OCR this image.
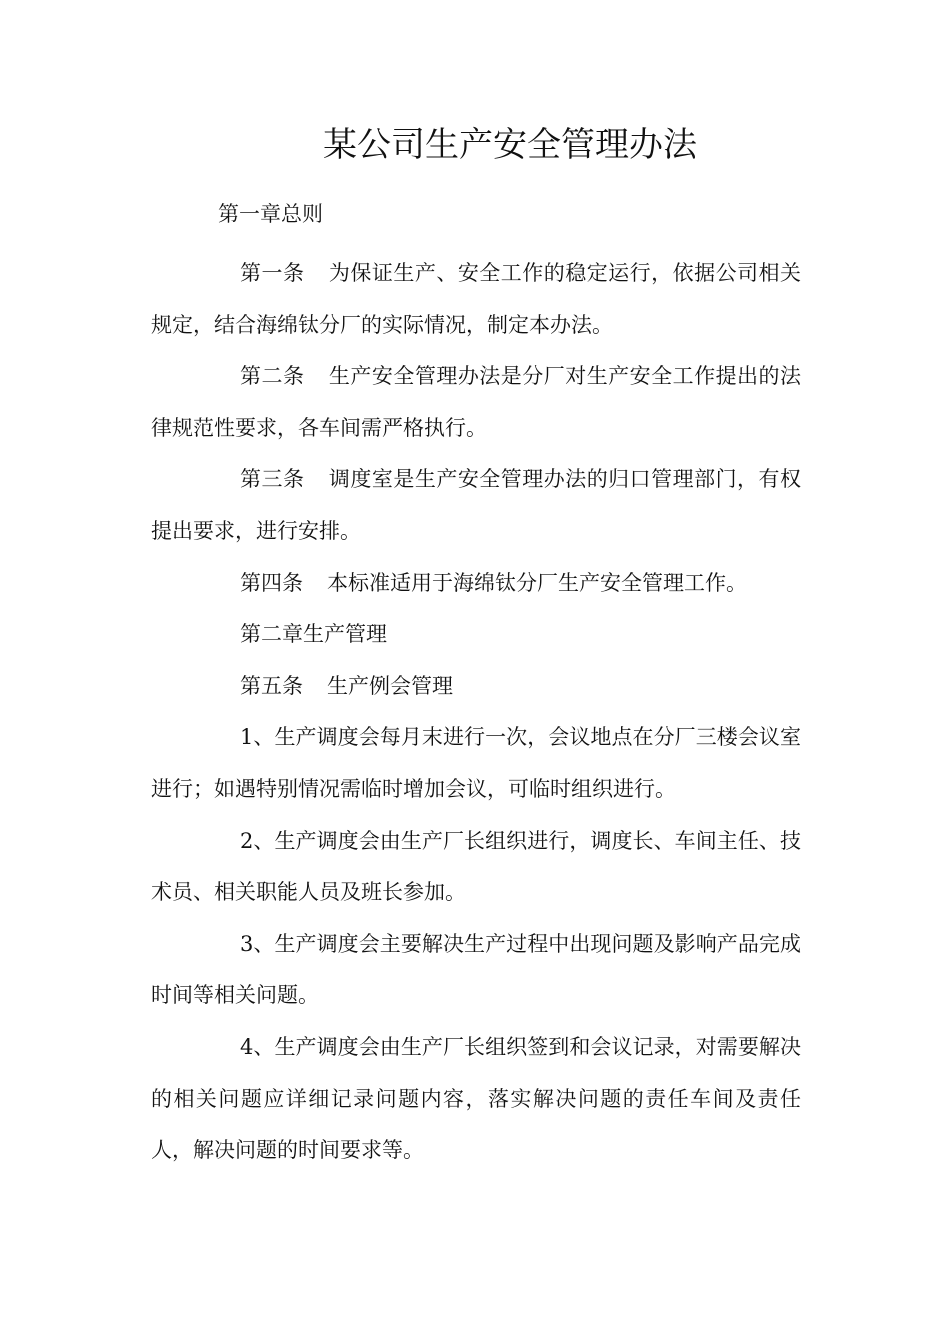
某公司生产安全管理办法
第一章总则

第一条 为保证生产、安全工作的稳定运行，依据公司相关规定，结合海绵钛分厂的实际情况，制定本办法。

第二条 生产安全管理办法是分厂对生产安全工作提出的法律规范性要求，各车间需严格执行。

第三条 调度室是生产安全管理办法的归口管理部门，有权提出要求，进行安排。

第四条 本标准适用于海绵钛分厂生产安全管理工作。

第二章生产管理

第五条 生产例会管理

1、生产调度会每月末进行一次，会议地点在分厂三楼会议室进行；如遇特别情况需临时增加会议，可临时组织进行。

2、生产调度会由生产厂长组织进行，调度长、车间主任、技术员、相关职能人员及班长参加。

3、生产调度会主要解决生产过程中出现问题及影响产品完成时间等相关问题。

4、生产调度会由生产厂长组织签到和会议记录，对需要解决的相关问题应详细记录问题内容，落实解决问题的责任车间及责任人，解决问题的时间要求等。
